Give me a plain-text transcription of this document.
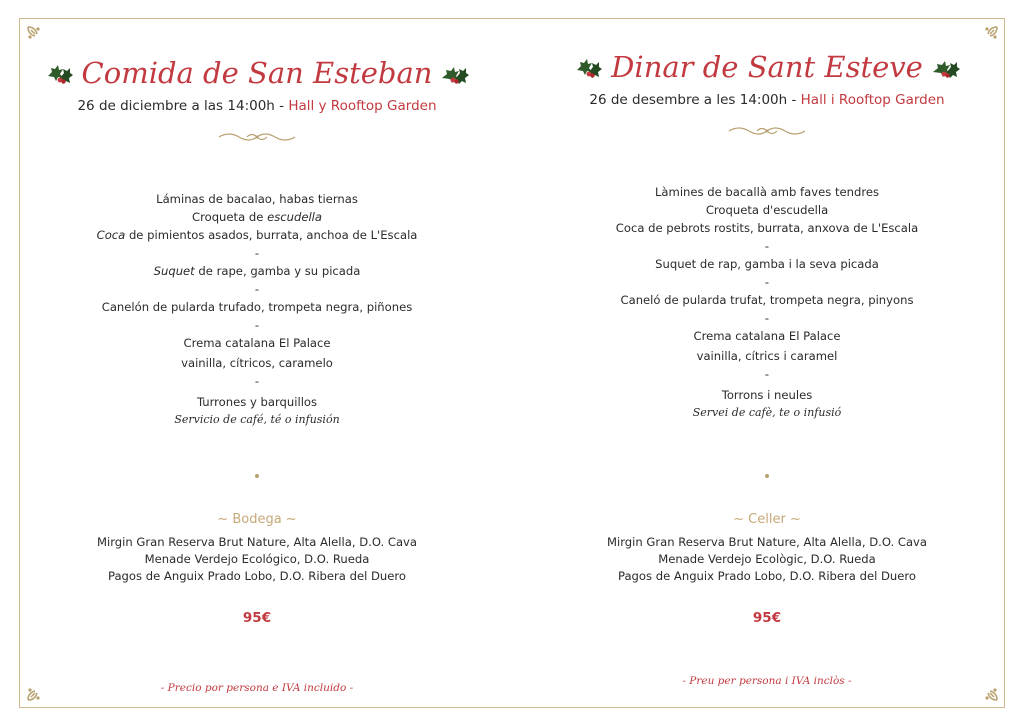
Comida de San Esteban
26 de diciembre a las 14:00h - Hall y Rooftop Garden
Láminas de bacalao, habas tiernas
Croqueta de escudella
Coca de pimientos asados, burrata, anchoa de L'Escala
-
Suquet de rape, gamba y su picada
-
Canelón de pularda trufado, trompeta negra, piñones
-
Crema catalana El Palace
vainilla, cítricos, caramelo
-
Turrones y barquillos
Servicio de café, té o infusión
~ Bodega ~
Mirgin Gran Reserva Brut Nature, Alta Alella, D.O. Cava
Menade Verdejo Ecológico, D.O. Rueda
Pagos de Anguix Prado Lobo, D.O. Ribera del Duero
95€
- Precio por persona e IVA incluido -
Dinar de Sant Esteve
26 de desembre a les 14:00h - Hall i Rooftop Garden
Làmines de bacallà amb faves tendres
Croqueta d'escudella
Coca de pebrots rostits, burrata, anxova de L'Escala
-
Suquet de rap, gamba i la seva picada
-
Caneló de pularda trufat, trompeta negra, pinyons
-
Crema catalana El Palace
vainilla, cítrics i caramel
-
Torrons i neules
Servei de cafè, te o infusió
~ Celler ~
Mirgin Gran Reserva Brut Nature, Alta Alella, D.O. Cava
Menade Verdejo Ecològic, D.O. Rueda
Pagos de Anguix Prado Lobo, D.O. Ribera del Duero
95€
- Preu per persona i IVA inclòs -
